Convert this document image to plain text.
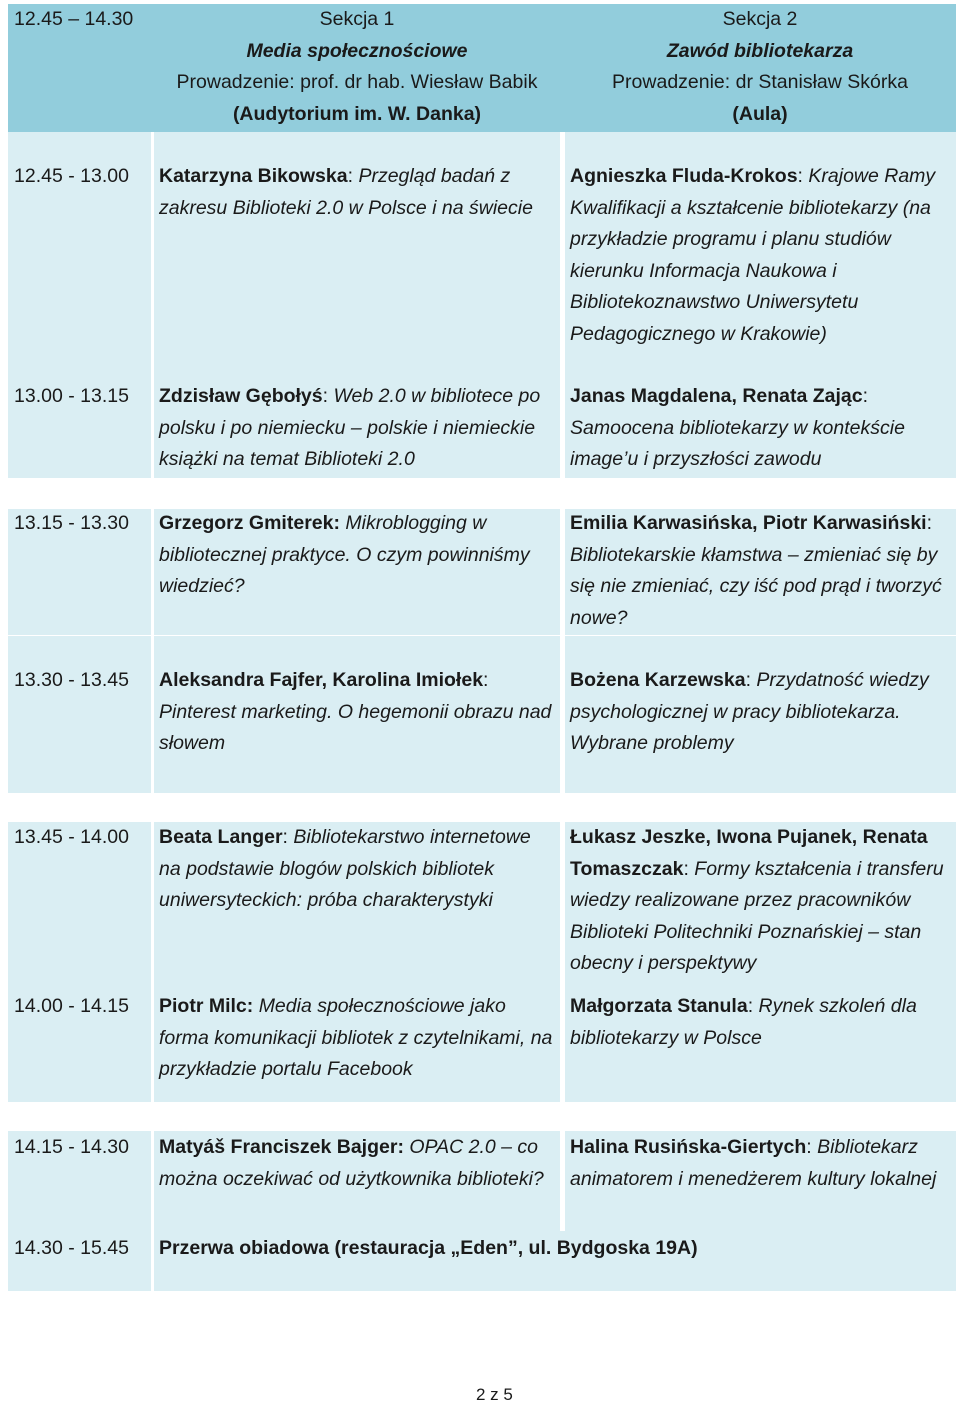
12.45 – 14.30	Sekcja 1
Media społecznościowe
Prowadzenie: prof. dr hab. Wiesław Babik
(Audytorium im. W. Danka)
Sekcja 2
Zawód bibliotekarza
Prowadzenie: dr Stanisław Skórka
(Aula)
12.45 - 13.00 Katarzyna Bikowska: Przegląd badań z zakresu Biblioteki 2.0 w Polsce i na świecie
Agnieszka Fluda-Krokos: Krajowe Ramy Kwalifikacji a kształcenie bibliotekarzy (na przykładzie programu i planu studiów kierunku Informacja Naukowa i Bibliotekoznawstwo Uniwersytetu Pedagogicznego w Krakowie)
13.00 - 13.15 Zdzisław Gębołyś: Web 2.0 w bibliotece po polsku i po niemiecku – polskie i niemieckie książki na temat Biblioteki 2.0
Janas Magdalena, Renata Zając: Samoocena bibliotekarzy w kontekście image’u i przyszłości zawodu
13.15 - 13.30 Grzegorz Gmiterek: Mikroblogging w bibliotecznej praktyce. O czym powinniśmy wiedzieć?
Emilia Karwasińska, Piotr Karwasiński: Bibliotekarskie kłamstwa – zmieniać się by się nie zmieniać, czy iść pod prąd i tworzyć nowe?
13.30 - 13.45 Aleksandra Fajfer, Karolina Imiołek: Pinterest marketing. O hegemonii obrazu nad słowem
Bożena Karzewska: Przydatność wiedzy psychologicznej w pracy bibliotekarza. Wybrane problemy
13.45 - 14.00 Beata Langer: Bibliotekarstwo internetowe na podstawie blogów polskich bibliotek uniwersyteckich: próba charakterystyki
Łukasz Jeszke, Iwona Pujanek, Renata Tomaszczak: Formy kształcenia i transferu wiedzy realizowane przez pracowników Biblioteki Politechniki Poznańskiej – stan obecny i perspektywy
14.00 - 14.15 Piotr Milc: Media społecznościowe jako forma komunikacji bibliotek z czytelnikami, na przykładzie portalu Facebook
Małgorzata Stanula: Rynek szkoleń dla bibliotekarzy w Polsce
14.15 - 14.30 Matyáš Franciszek Bajger: OPAC 2.0 – co można oczekiwać od użytkownika biblioteki?
Halina Rusińska-Giertych: Bibliotekarz animatorem i menedżerem kultury lokalnej
14.30 - 15.45 Przerwa obiadowa (restauracja „Eden”, ul. Bydgoska 19A)
2 z 5
